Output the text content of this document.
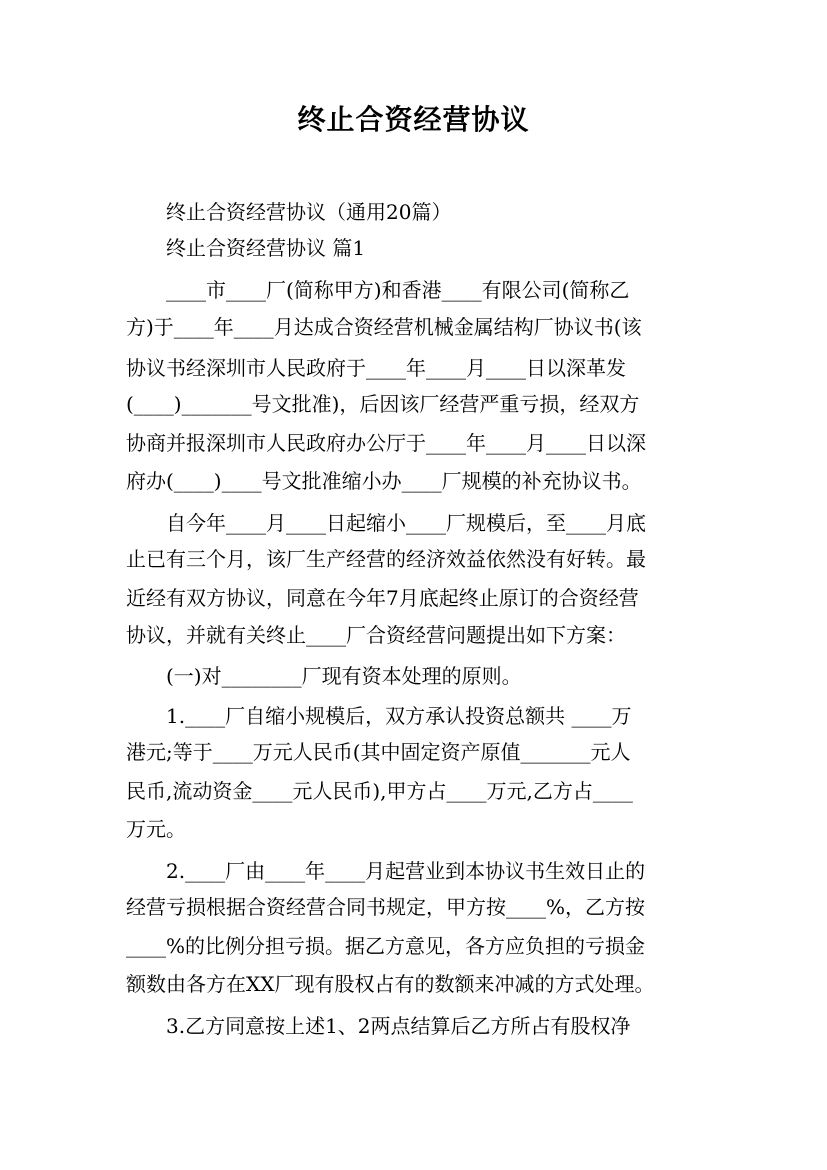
终止合资经营协议
　　终止合资经营协议（通用20篇）
　　终止合资经营协议 篇1
　　____市____厂(简称甲方)和香港____有限公司(简称乙
方)于____年____月达成合资经营机械金属结构厂协议书(该
协议书经深圳市人民政府于____年____月____日以深革发
(____)_______号文批准)，后因该厂经营严重亏损，经双方
协商并报深圳市人民政府办公厅于____年____月____日以深
府办(____)____号文批准缩小办____厂规模的补充协议书。
　　自今年____月____日起缩小____厂规模后，至____月底
止已有三个月，该厂生产经营的经济效益依然没有好转。最
近经有双方协议，同意在今年7月底起终止原订的合资经营
协议，并就有关终止____厂合资经营问题提出如下方案：
　　(一)对________厂现有资本处理的原则。
　　1.____厂自缩小规模后，双方承认投资总额共 ____万
港元;等于____万元人民币(其中固定资产原值_______元人
民币,流动资金____元人民币),甲方占____万元,乙方占____
万元。
　　2.____厂由____年____月起营业到本协议书生效日止的
经营亏损根据合资经营合同书规定，甲方按____%，乙方按
____%的比例分担亏损。据乙方意见，各方应负担的亏损金
额数由各方在XX厂现有股权占有的数额来冲减的方式处理。
　　3.乙方同意按上述1、2两点结算后乙方所占有股权净
